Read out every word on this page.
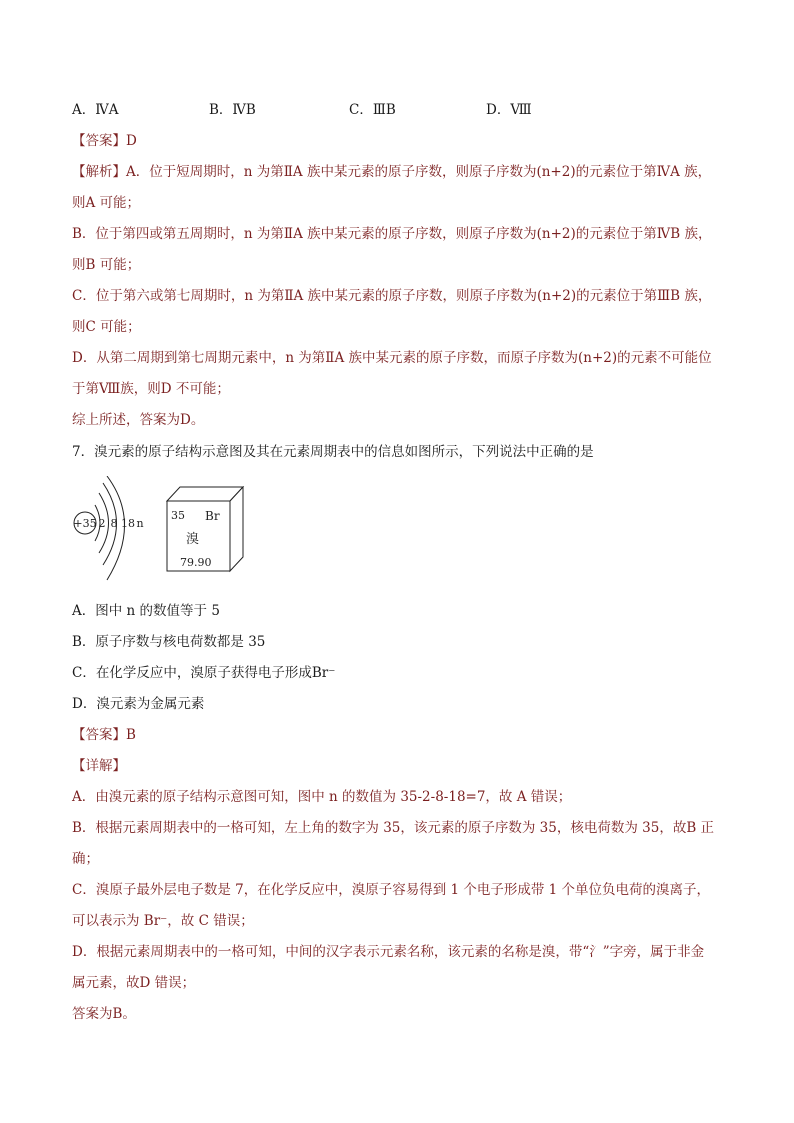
A．ⅣA	B．ⅣB	C．ⅢB	D．Ⅷ
【答案】D
【解析】A．位于短周期时，n 为第ⅡA 族中某元素的原子序数，则原子序数为(n+2)的元素位于第ⅣA 族，
则A 可能；
B．位于第四或第五周期时，n 为第ⅡA 族中某元素的原子序数，则原子序数为(n+2)的元素位于第ⅣB 族，
则B 可能；
C．位于第六或第七周期时，n 为第ⅡA 族中某元素的原子序数，则原子序数为(n+2)的元素位于第ⅢB 族，
则C 可能；
D．从第二周期到第七周期元素中，n 为第ⅡA 族中某元素的原子序数，而原子序数为(n+2)的元素不可能位
于第Ⅷ族，则D 不可能；
综上所述，答案为D。
7．溴元素的原子结构示意图及其在元素周期表中的信息如图所示，下列说法中正确的是
+35 2 8 18 n
35 Br
溴
79.90
A．图中 n 的数值等于 5
B．原子序数与核电荷数都是 35
C．在化学反应中，溴原子获得电子形成Br⁻
D．溴元素为金属元素
【答案】B
【详解】
A．由溴元素的原子结构示意图可知，图中 n 的数值为 35-2-8-18=7，故 A 错误；
B．根据元素周期表中的一格可知，左上角的数字为 35，该元素的原子序数为 35，核电荷数为 35，故B 正
确；
C．溴原子最外层电子数是 7，在化学反应中，溴原子容易得到 1 个电子形成带 1 个单位负电荷的溴离子，
可以表示为 Br⁻，故 C 错误；
D．根据元素周期表中的一格可知，中间的汉字表示元素名称，该元素的名称是溴，带“氵”字旁，属于非金
属元素，故D 错误；
答案为B。
